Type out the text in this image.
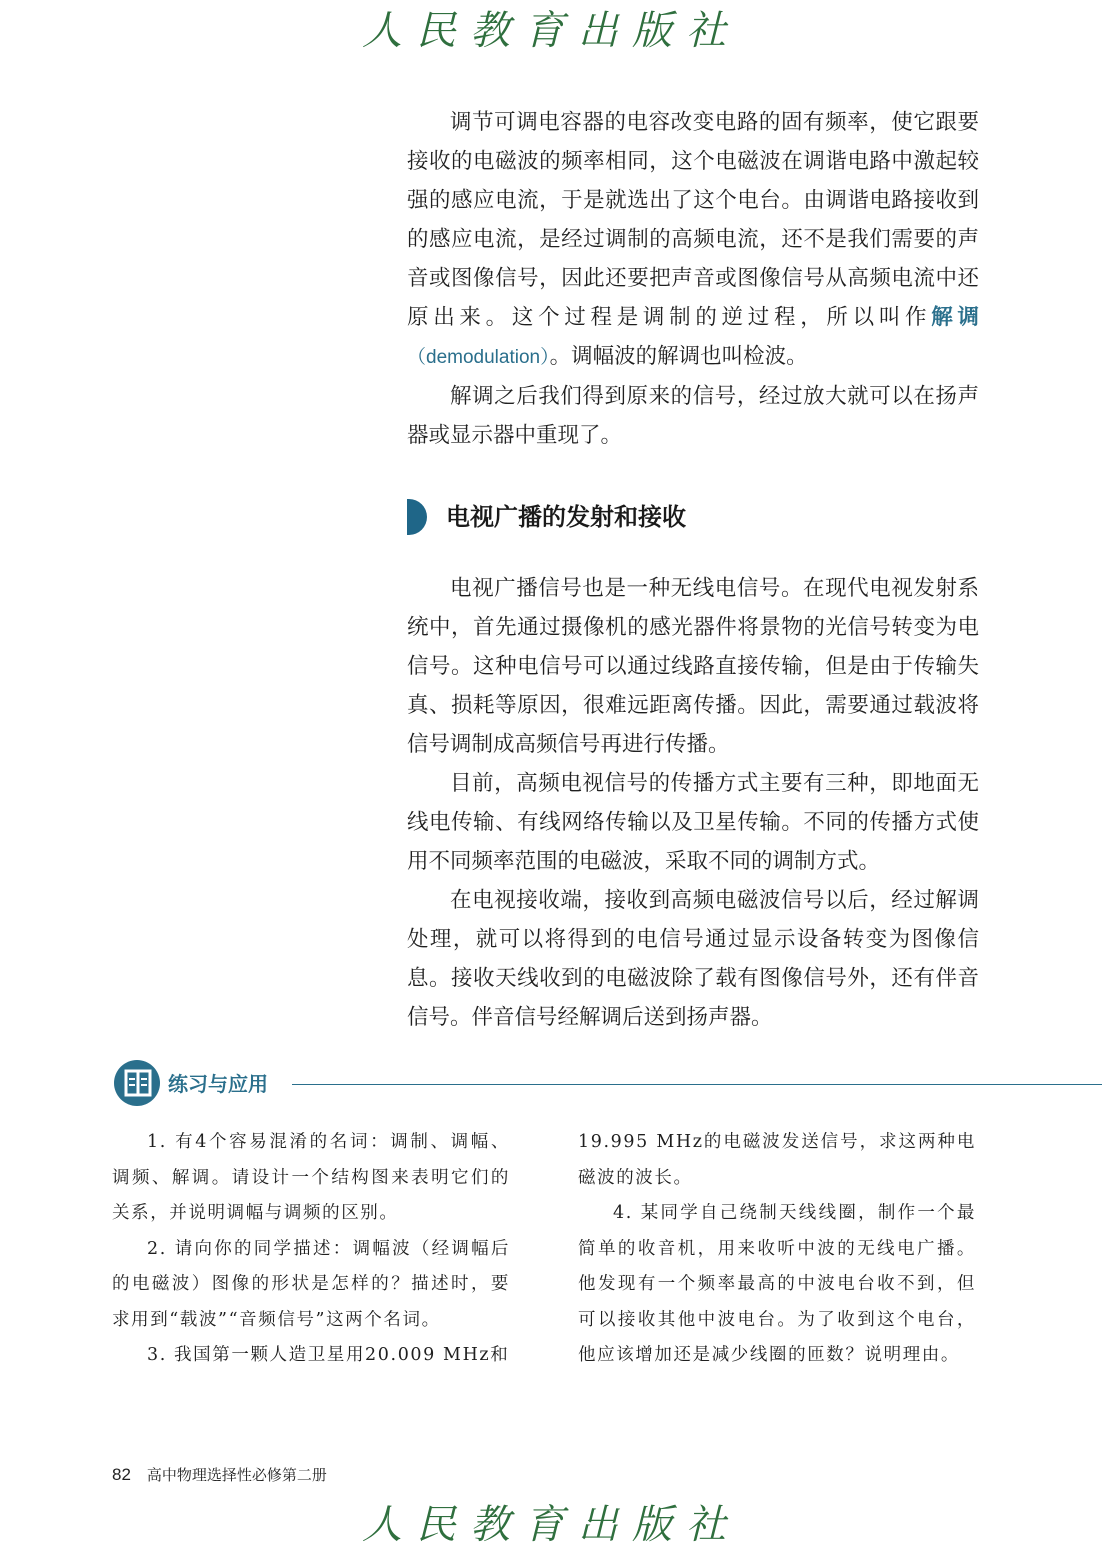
人民教育出版社

调节可调电容器的电容改变电路的固有频率，使它跟要接收的电磁波的频率相同，这个电磁波在调谐电路中激起较强的感应电流，于是就选出了这个电台。由调谐电路接收到的感应电流，是经过调制的高频电流，还不是我们需要的声音或图像信号，因此还要把声音或图像信号从高频电流中还原出来。这个过程是调制的逆过程，所以叫作解调（demodulation）。调幅波的解调也叫检波。

解调之后我们得到原来的信号，经过放大就可以在扬声器或显示器中重现了。

电视广播的发射和接收

电视广播信号也是一种无线电信号。在现代电视发射系统中，首先通过摄像机的感光器件将景物的光信号转变为电信号。这种电信号可以通过线路直接传输，但是由于传输失真、损耗等原因，很难远距离传播。因此，需要通过载波将信号调制成高频信号再进行传播。

目前，高频电视信号的传播方式主要有三种，即地面无线电传输、有线网络传输以及卫星传输。不同的传播方式使用不同频率范围的电磁波，采取不同的调制方式。

在电视接收端，接收到高频电磁波信号以后，经过解调处理，就可以将得到的电信号通过显示设备转变为图像信息。接收天线收到的电磁波除了载有图像信号外，还有伴音信号。伴音信号经解调后送到扬声器。

练习与应用

1. 有4个容易混淆的名词：调制、调幅、调频、解调。请设计一个结构图来表明它们的关系，并说明调幅与调频的区别。

2. 请向你的同学描述：调幅波（经调幅后的电磁波）图像的形状是怎样的？描述时，要求用到“载波”“音频信号”这两个名词。

3. 我国第一颗人造卫星用20.009 MHz和

19.995 MHz的电磁波发送信号，求这两种电磁波的波长。

4. 某同学自己绕制天线线圈，制作一个最简单的收音机，用来收听中波的无线电广播。他发现有一个频率最高的中波电台收不到，但可以接收其他中波电台。为了收到这个电台，他应该增加还是减少线圈的匝数？说明理由。

82 高中物理选择性必修第二册
人民教育出版社
